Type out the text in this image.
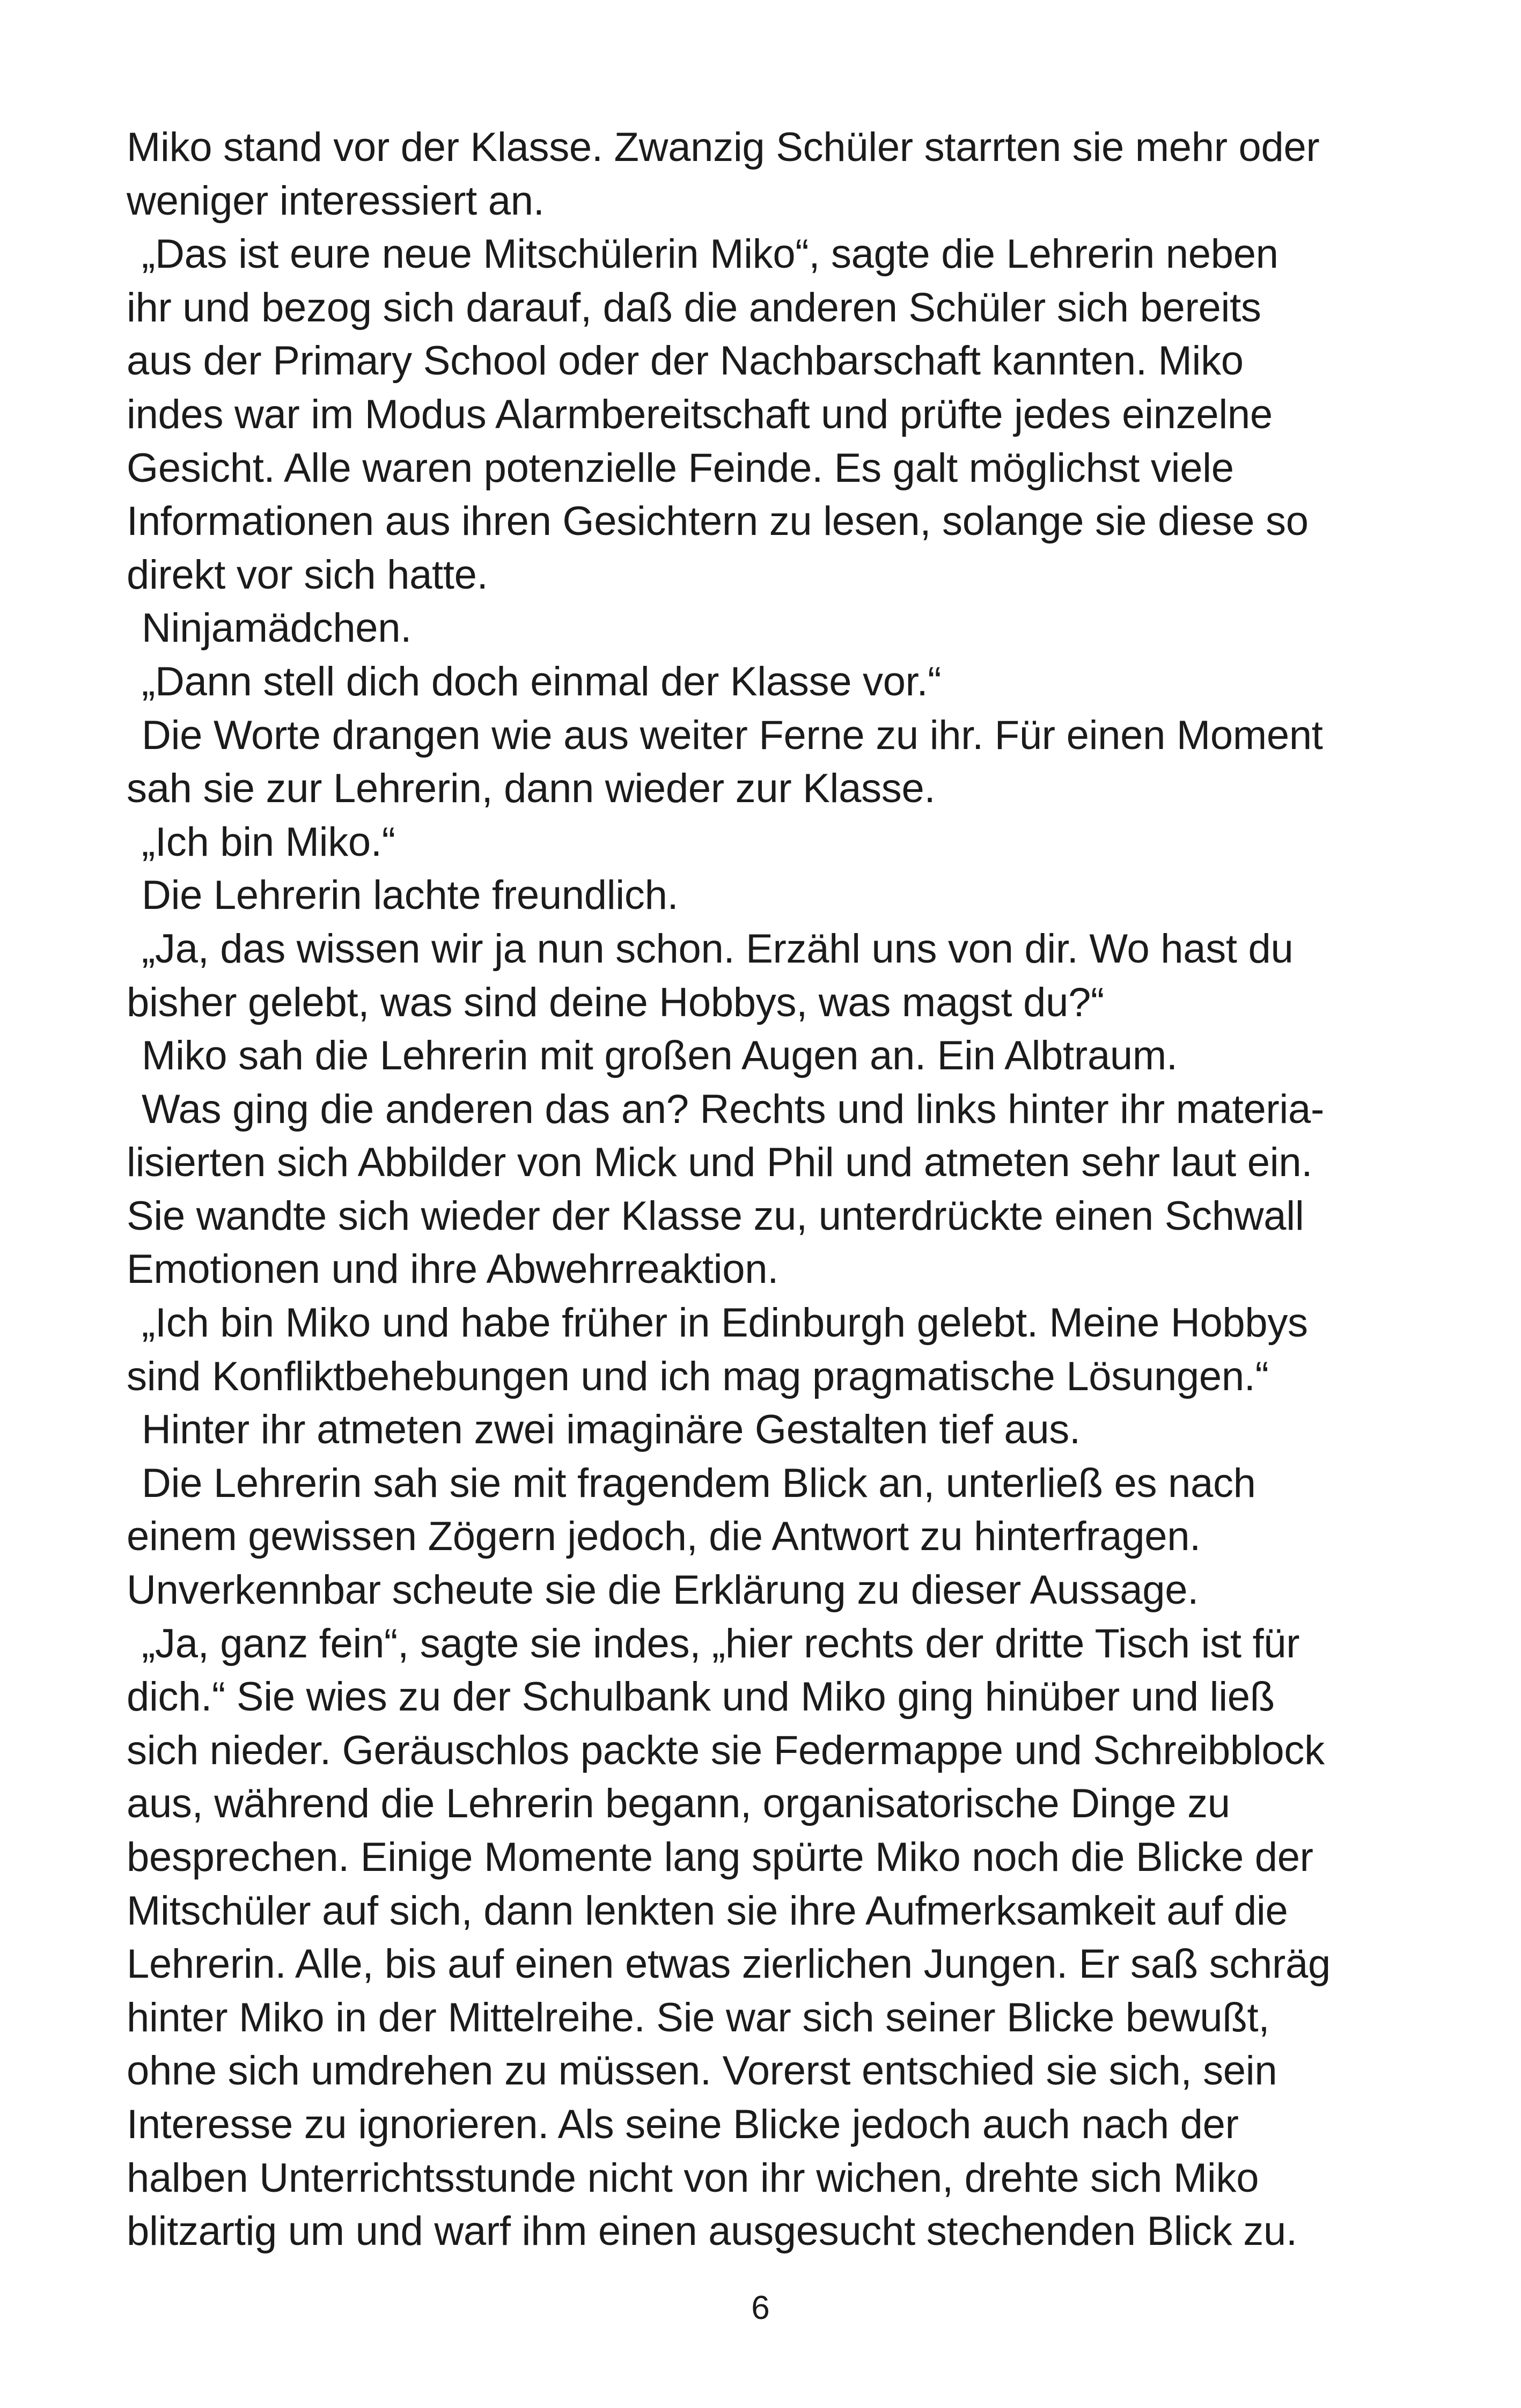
Miko stand vor der Klasse. Zwanzig Schüler starrten sie mehr oder
weniger interessiert an.
„Das ist eure neue Mitschülerin Miko“, sagte die Lehrerin neben
ihr und bezog sich darauf, daß die anderen Schüler sich bereits
aus der Primary School oder der Nachbarschaft kannten. Miko
indes war im Modus Alarmbereitschaft und prüfte jedes einzelne
Gesicht. Alle waren potenzielle Feinde. Es galt möglichst viele
Informationen aus ihren Gesichtern zu lesen, solange sie diese so
direkt vor sich hatte.
Ninjamädchen.
„Dann stell dich doch einmal der Klasse vor.“
Die Worte drangen wie aus weiter Ferne zu ihr. Für einen Moment
sah sie zur Lehrerin, dann wieder zur Klasse.
„Ich bin Miko.“
Die Lehrerin lachte freundlich.
„Ja, das wissen wir ja nun schon. Erzähl uns von dir. Wo hast du
bisher gelebt, was sind deine Hobbys, was magst du?“
Miko sah die Lehrerin mit großen Augen an. Ein Albtraum.
Was ging die anderen das an? Rechts und links hinter ihr materia-
lisierten sich Abbilder von Mick und Phil und atmeten sehr laut ein.
Sie wandte sich wieder der Klasse zu, unterdrückte einen Schwall
Emotionen und ihre Abwehrreaktion.
„Ich bin Miko und habe früher in Edinburgh gelebt. Meine Hobbys
sind Konfliktbehebungen und ich mag pragmatische Lösungen.“
Hinter ihr atmeten zwei imaginäre Gestalten tief aus.
Die Lehrerin sah sie mit fragendem Blick an, unterließ es nach
einem gewissen Zögern jedoch, die Antwort zu hinterfragen.
Unverkennbar scheute sie die Erklärung zu dieser Aussage.
„Ja, ganz fein“, sagte sie indes, „hier rechts der dritte Tisch ist für
dich.“ Sie wies zu der Schulbank und Miko ging hinüber und ließ
sich nieder. Geräuschlos packte sie Federmappe und Schreibblock
aus, während die Lehrerin begann, organisatorische Dinge zu
besprechen. Einige Momente lang spürte Miko noch die Blicke der
Mitschüler auf sich, dann lenkten sie ihre Aufmerksamkeit auf die
Lehrerin. Alle, bis auf einen etwas zierlichen Jungen. Er saß schräg
hinter Miko in der Mittelreihe. Sie war sich seiner Blicke bewußt,
ohne sich umdrehen zu müssen. Vorerst entschied sie sich, sein
Interesse zu ignorieren. Als seine Blicke jedoch auch nach der
halben Unterrichtsstunde nicht von ihr wichen, drehte sich Miko
blitzartig um und warf ihm einen ausgesucht stechenden Blick zu.
6
